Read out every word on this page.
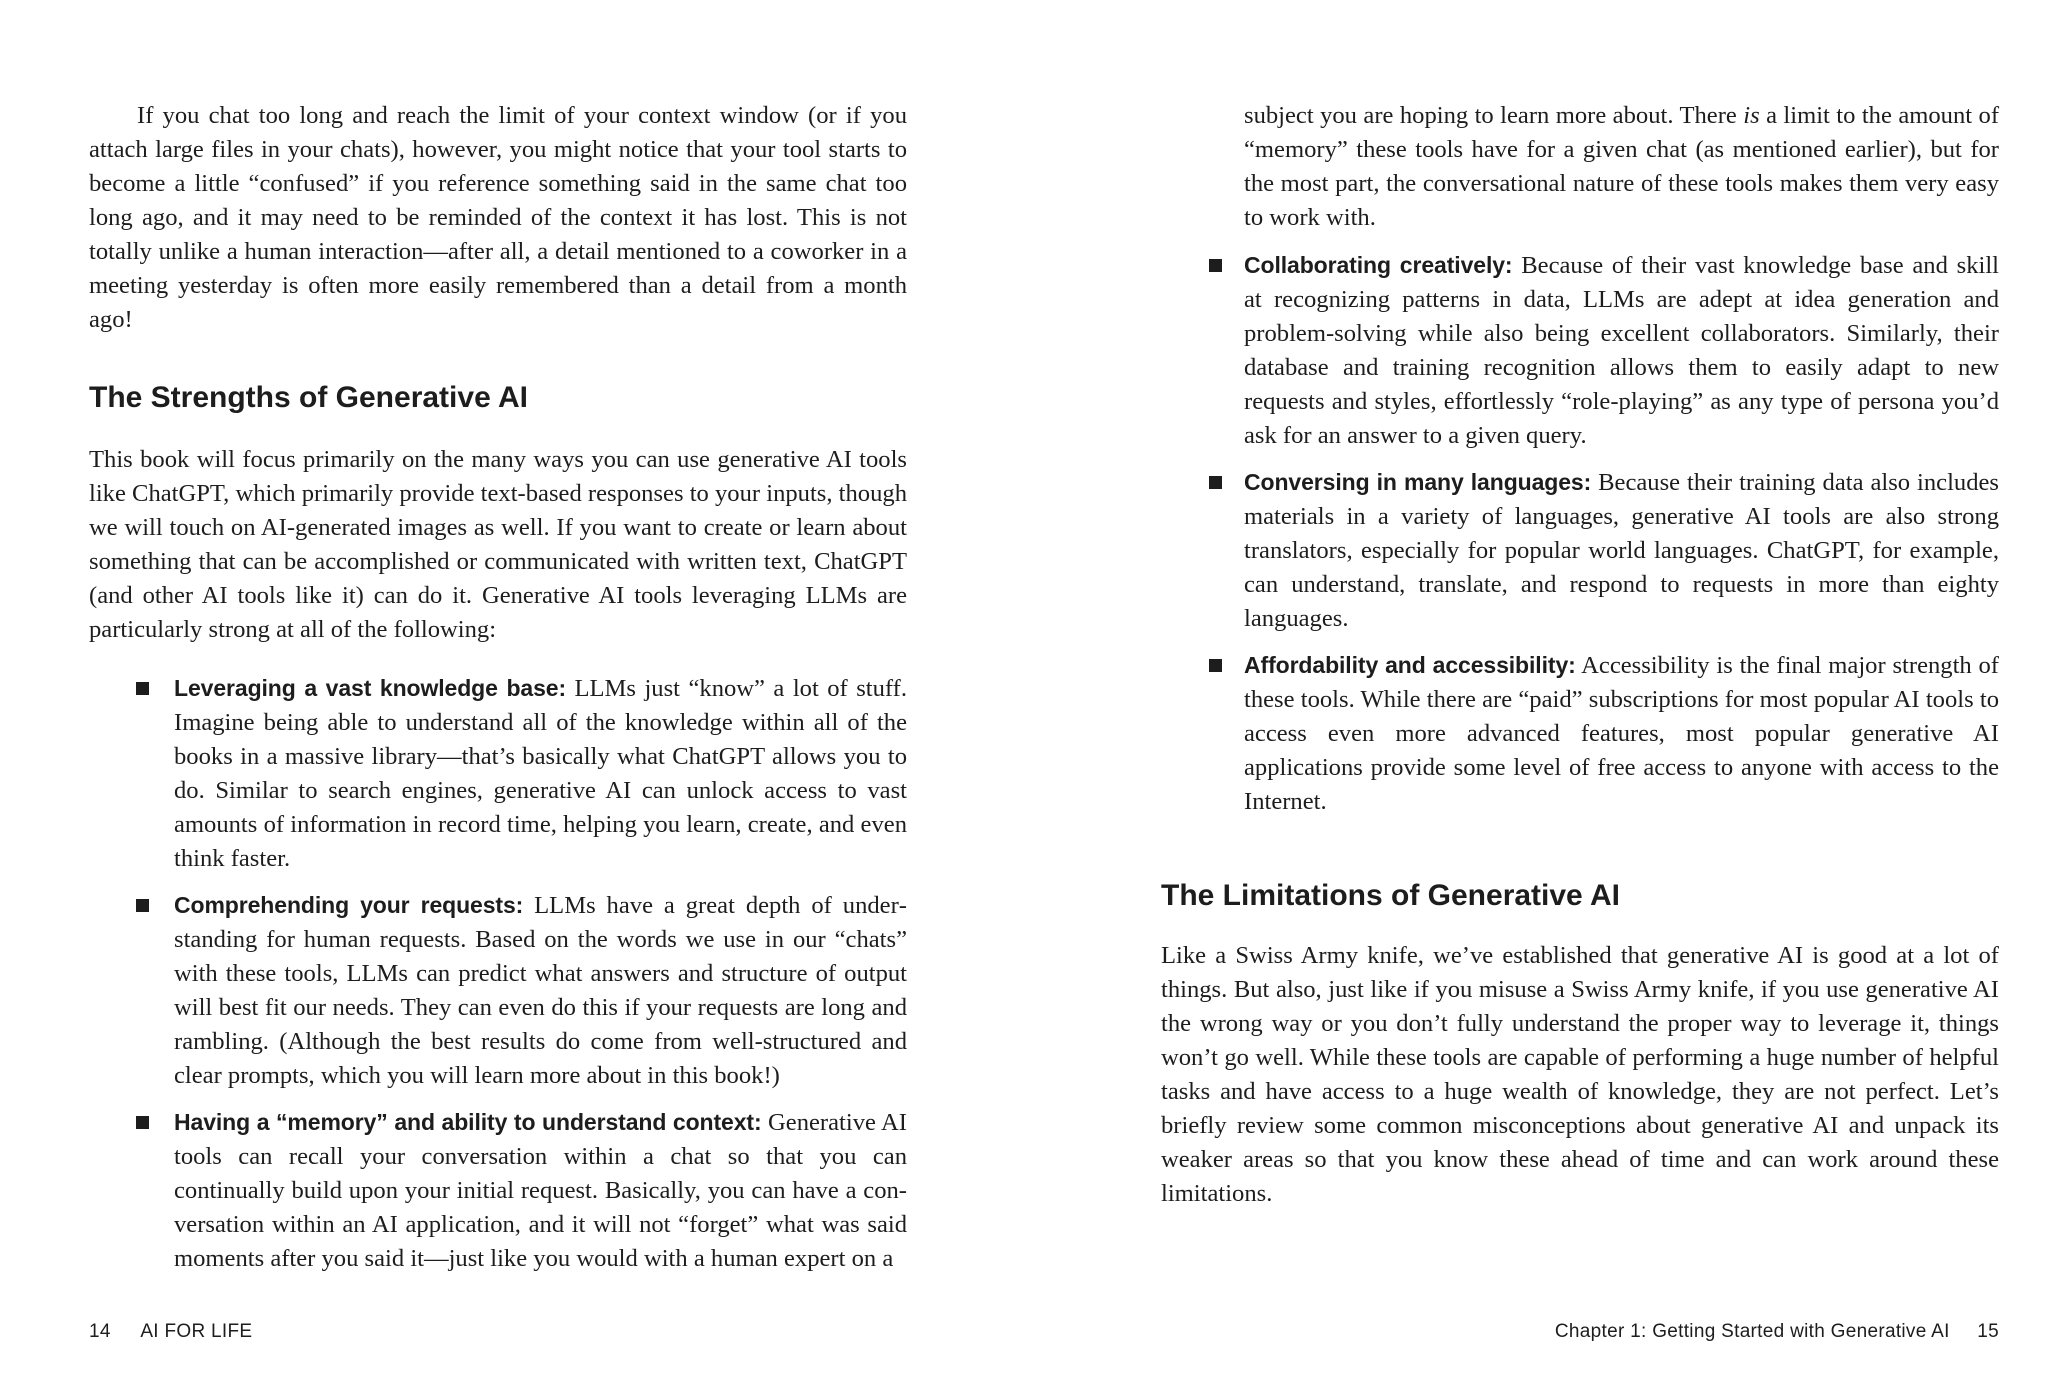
If you chat too long and reach the limit of your context window (or if you attach large files in your chats), however, you might notice that your tool starts to become a little “confused” if you reference something said in the same chat too long ago, and it may need to be reminded of the context it has lost. This is not totally unlike a human interaction—after all, a detail mentioned to a coworker in a meeting yesterday is often more easily remembered than a detail from a month ago!

The Strengths of Generative AI

This book will focus primarily on the many ways you can use generative AI tools like ChatGPT, which primarily provide text-based responses to your inputs, though we will touch on AI-generated images as well. If you want to create or learn about something that can be accomplished or communicated with written text, ChatGPT (and other AI tools like it) can do it. Generative AI tools leveraging LLMs are particularly strong at all of the following:

Leveraging a vast knowledge base: LLMs just “know” a lot of stuff. Imagine being able to understand all of the knowledge within all of the books in a massive library—that’s basically what ChatGPT allows you to do. Similar to search engines, generative AI can unlock access to vast amounts of information in record time, helping you learn, create, and even think faster.

Comprehending your requests: LLMs have a great depth of understanding for human requests. Based on the words we use in our “chats” with these tools, LLMs can predict what answers and structure of output will best fit our needs. They can even do this if your requests are long and rambling. (Although the best results do come from well-structured and clear prompts, which you will learn more about in this book!)

Having a “memory” and ability to understand context: Generative AI tools can recall your conversation within a chat so that you can continually build upon your initial request. Basically, you can have a conversation within an AI application, and it will not “forget” what was said moments after you said it—just like you would with a human expert on a

14 AI FOR LIFE

subject you are hoping to learn more about. There is a limit to the amount of “memory” these tools have for a given chat (as mentioned earlier), but for the most part, the conversational nature of these tools makes them very easy to work with.

Collaborating creatively: Because of their vast knowledge base and skill at recognizing patterns in data, LLMs are adept at idea generation and problem-solving while also being excellent collaborators. Similarly, their database and training recognition allows them to easily adapt to new requests and styles, effortlessly “role-playing” as any type of persona you’d ask for an answer to a given query.

Conversing in many languages: Because their training data also includes materials in a variety of languages, generative AI tools are also strong translators, especially for popular world languages. ChatGPT, for example, can understand, translate, and respond to requests in more than eighty languages.

Affordability and accessibility: Accessibility is the final major strength of these tools. While there are “paid” subscriptions for most popular AI tools to access even more advanced features, most popular generative AI applications provide some level of free access to anyone with access to the Internet.

The Limitations of Generative AI

Like a Swiss Army knife, we’ve established that generative AI is good at a lot of things. But also, just like if you misuse a Swiss Army knife, if you use generative AI the wrong way or you don’t fully understand the proper way to leverage it, things won’t go well. While these tools are capable of performing a huge number of helpful tasks and have access to a huge wealth of knowledge, they are not perfect. Let’s briefly review some common misconceptions about generative AI and unpack its weaker areas so that you know these ahead of time and can work around these limitations.

Chapter 1: Getting Started with Generative AI 15
